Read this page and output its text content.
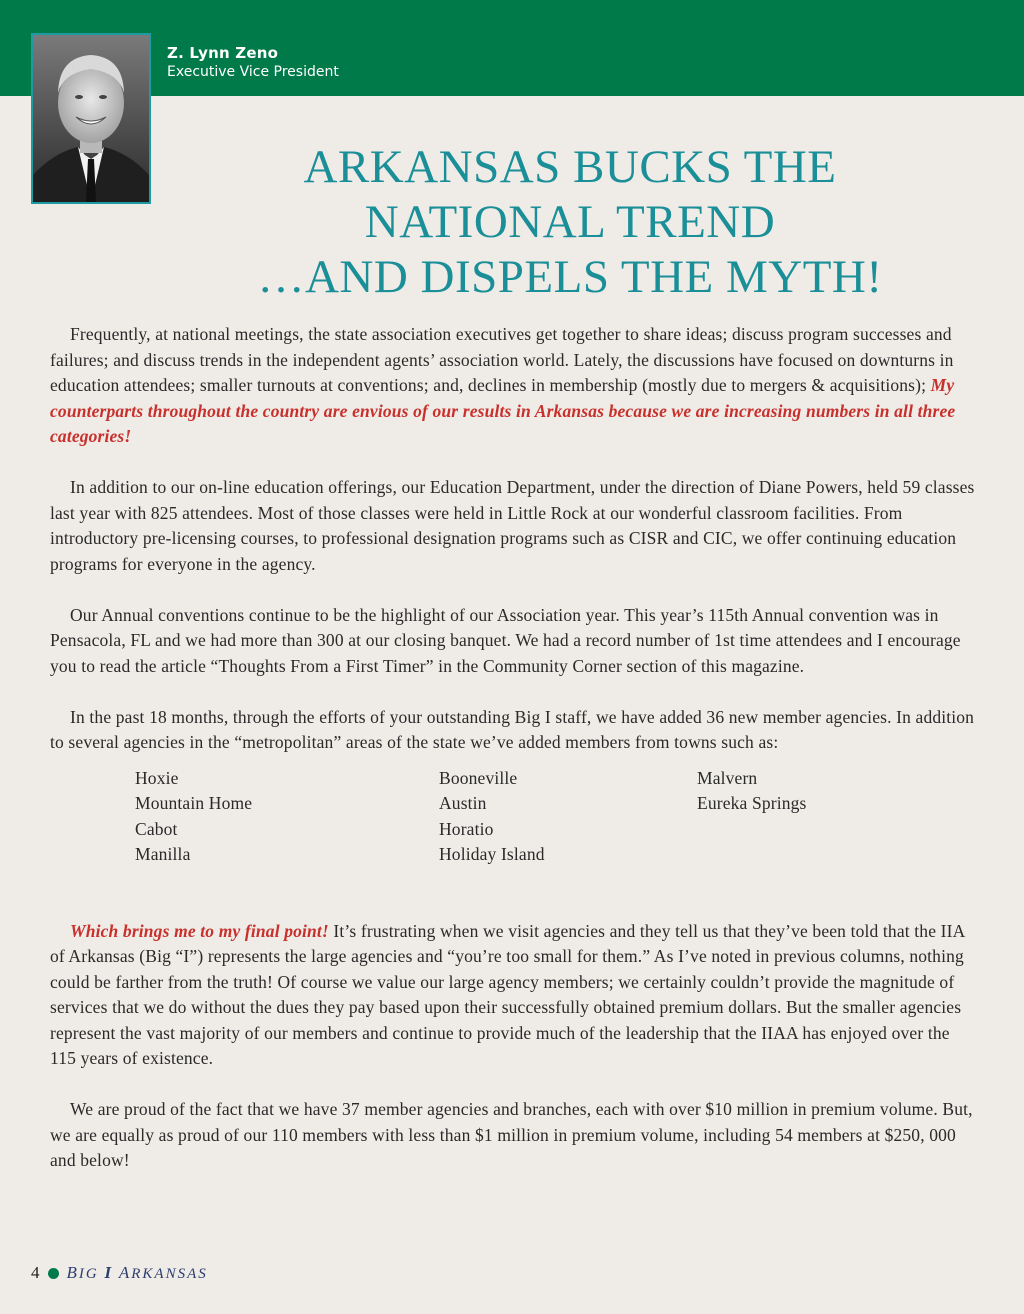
Z. Lynn Zeno
Executive Vice President
ARKANSAS BUCKS THE
NATIONAL TREND
…AND DISPELS THE MYTH!

Frequently, at national meetings, the state association executives get together to share ideas; discuss program successes and failures; and discuss trends in the independent agents’ association world. Lately, the discussions have focused on downturns in education attendees; smaller turnouts at conventions; and, declines in membership (mostly due to mergers & acquisitions); My counterparts throughout the country are envious of our results in Arkansas because we are increasing numbers in all three categories!

In addition to our on-line education offerings, our Education Department, under the direction of Diane Powers, held 59 classes last year with 825 attendees. Most of those classes were held in Little Rock at our wonderful classroom facilities. From introductory pre-licensing courses, to professional designation programs such as CISR and CIC, we offer continuing education programs for everyone in the agency.

Our Annual conventions continue to be the highlight of our Association year. This year’s 115th Annual convention was in Pensacola, FL and we had more than 300 at our closing banquet. We had a record number of 1st time attendees and I encourage you to read the article “Thoughts From a First Timer” in the Community Corner section of this magazine.

In the past 18 months, through the efforts of your outstanding Big I staff, we have added 36 new member agencies. In addition to several agencies in the “metropolitan” areas of the state we’ve added members from towns such as:

Hoxie
Mountain Home
Cabot
Manilla
Booneville
Austin
Horatio
Holiday Island
Malvern
Eureka Springs

Which brings me to my final point! It’s frustrating when we visit agencies and they tell us that they’ve been told that the IIA of Arkansas (Big “I”) represents the large agencies and “you’re too small for them.” As I’ve noted in previous columns, nothing could be farther from the truth! Of course we value our large agency members; we certainly couldn’t provide the magnitude of services that we do without the dues they pay based upon their successfully obtained premium dollars. But the smaller agencies represent the vast majority of our members and continue to provide much of the leadership that the IIAA has enjoyed over the 115 years of existence.

We are proud of the fact that we have 37 member agencies and branches, each with over $10 million in premium volume. But, we are equally as proud of our 110 members with less than $1 million in premium volume, including 54 members at $250, 000 and below!

4 BIG I ARKANSAS
